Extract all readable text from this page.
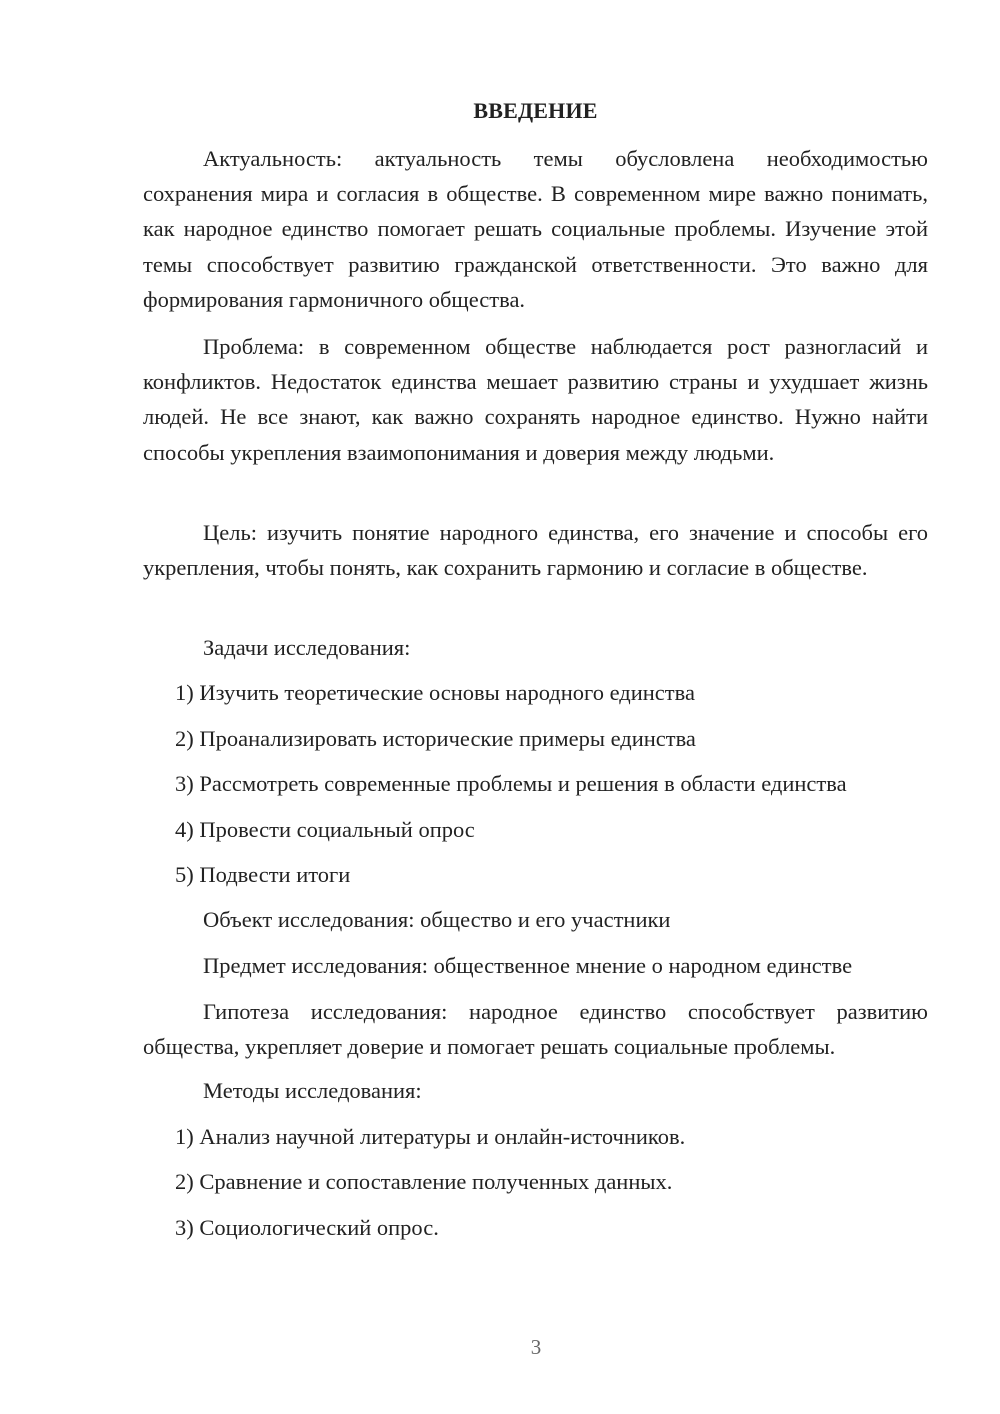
ВВЕДЕНИЕ

Актуальность: актуальность темы обусловлена необходимостью сохранения мира и согласия в обществе. В современном мире важно понимать, как народное единство помогает решать социальные проблемы. Изучение этой темы способствует развитию гражданской ответственности. Это важно для формирования гармоничного общества.

Проблема: в современном обществе наблюдается рост разногласий и конфликтов. Недостаток единства мешает развитию страны и ухудшает жизнь людей. Не все знают, как важно сохранять народное единство. Нужно найти способы укрепления взаимопонимания и доверия между людьми.

Цель: изучить понятие народного единства, его значение и способы его укрепления, чтобы понять, как сохранить гармонию и согласие в обществе.

Задачи исследования:

1) Изучить теоретические основы народного единства

2) Проанализировать исторические примеры единства

3) Рассмотреть современные проблемы и решения в области единства

4) Провести социальный опрос

5) Подвести итоги

Объект исследования: общество и его участники

Предмет исследования: общественное мнение о народном единстве

Гипотеза исследования: народное единство способствует развитию общества, укрепляет доверие и помогает решать социальные проблемы.

Методы исследования:

1) Анализ научной литературы и онлайн-источников.

2) Сравнение и сопоставление полученных данных.

3) Социологический опрос.

3
